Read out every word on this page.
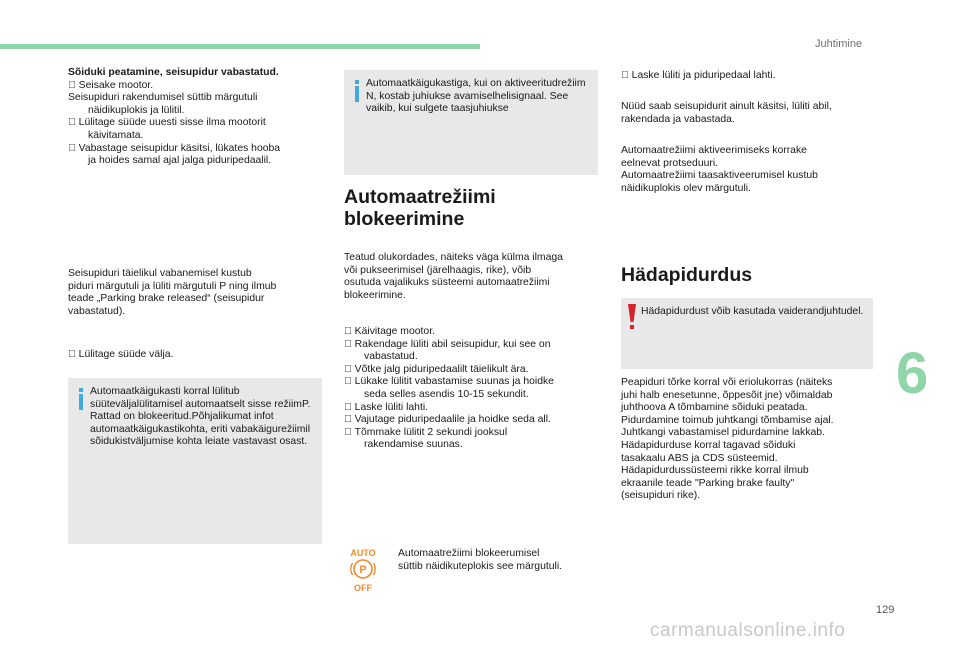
Juhtimine
6
129
carmanualsonline.info
Sõiduki peatamine, seisupidur vabastatud.
Seisake mootor.
Seisupiduri rakendumisel süttib märgutuli
näidikuplokis ja lülitil.
Lülitage süüde uuesti sisse ilma mootorit
käivitamata.
Vabastage seisupidur käsitsi, lükates hooba
ja hoides samal ajal jalga piduripedaalil.
Seisupiduri täielikul vabanemisel kustub
piduri märgutuli ja lüliti märgutuli P ning ilmub
teade „Parking brake released“ (seisupidur
vabastatud).
Lülitage süüde välja.
Automaatkäigukasti korral lülitub süüteväljalülitamisel automaatselt sisse režiimP. Rattad on blokeeritud.Põhjalikumat infot automaatkäigukastikohta, eriti vabakäigurežiimil sõidukistväljumise kohta leiate vastavast osast.
Automaatkäigukastiga, kui on aktiveeritudrežiim N, kostab juhiukse avamiselhelisignaal. See vaikib, kui sulgete taasjuhiukse
Automaatrežiimi
blokeerimine
Teatud olukordades, näiteks väga külma ilmaga
või pukseerimisel (järelhaagis, rike), võib
osutuda vajalikuks süsteemi automaatrežiimi
blokeerimine.
Käivitage mootor.
Rakendage lüliti abil seisupidur, kui see on
vabastatud.
Võtke jalg piduripedaalilt täielikult ära.
Lükake lülitit vabastamise suunas ja hoidke
seda selles asendis 10-15 sekundit.
Laske lüliti lahti.
Vajutage piduripedaalile ja hoidke seda all.
Tõmmake lülitit 2 sekundi jooksul
rakendamise suunas.
AUTO
P
OFF
Automaatrežiimi blokeerumisel
süttib näidikuteplokis see märgutuli.
Laske lüliti ja piduripedaal lahti.
Nüüd saab seisupidurit ainult käsitsi, lüliti abil,
rakendada ja vabastada.
Automaatrežiimi aktiveerimiseks korrake
eelnevat protseduuri.
Automaatrežiimi taasaktiveerumisel kustub
näidikuplokis olev märgutuli.
Hädapidurdus
Hädapidurdust võib kasutada vaiderandjuhtudel.
Peapiduri tõrke korral või eriolukorras (näiteks
juhi halb enesetunne, õppesõit jne) võimaldab
juhthoova A tõmbamine sõiduki peatada.
Pidurdamine toimub juhtkangi tõmbamise ajal.
Juhtkangi vabastamisel pidurdamine lakkab.
Hädapidurduse korral tagavad sõiduki
tasakaalu ABS ja CDS süsteemid.
Hädapidurdussüsteemi rikke korral ilmub
ekraanile teade "Parking brake faulty"
(seisupiduri rike).
